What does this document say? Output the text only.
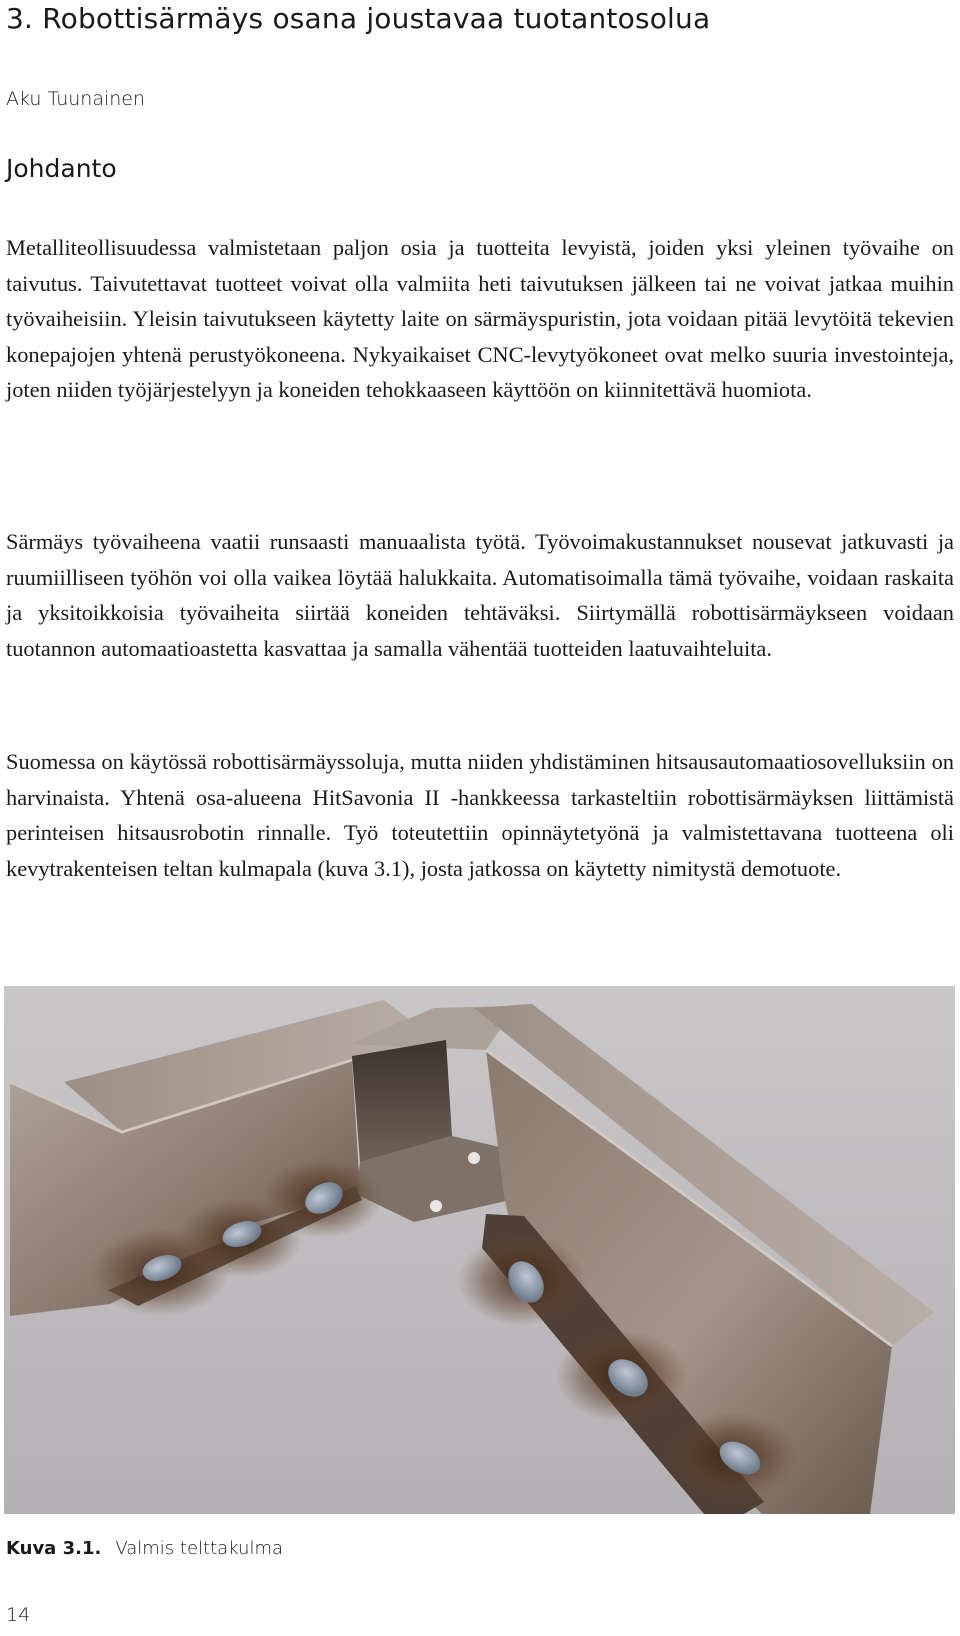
3. Robottisärmäys osana joustavaa tuotantosolua

Aku Tuunainen

Johdanto

Metalliteollisuudessa valmistetaan paljon osia ja tuotteita levyistä, joiden yksi yleinen työvaihe on taivutus. Taivutettavat tuotteet voivat olla valmiita heti taivutuksen jälkeen tai ne voivat jatkaa muihin työvaiheisiin. Yleisin taivutukseen käytetty laite on särmäyspuristin, jota voidaan pitää levytöitä tekevien konepajojen yhtenä perustyökoneena. Nykyaikaiset CNC-levytyökoneet ovat melko suuria investointeja, joten niiden työjärjestelyyn ja koneiden tehokkaaseen käyttöön on kiinnitettävä huomiota.

Särmäys työvaiheena vaatii runsaasti manuaalista työtä. Työvoimakustannukset nousevat jatkuvasti ja ruumiilliseen työhön voi olla vaikea löytää halukkaita. Automatisoimalla tämä työvaihe, voidaan raskaita ja yksitoikkoisia työvaiheita siirtää koneiden tehtäväksi. Siirtymällä robottisärmäykseen voidaan tuotannon automaatioastetta kasvattaa ja samalla vähentää tuotteiden laatuvaihteluita.

Suomessa on käytössä robottisärmäyssoluja, mutta niiden yhdistäminen hitsausautomaatiosovelluksiin on harvinaista. Yhtenä osa-alueena HitSavonia II -hankkeessa tarkasteltiin robottisärmäyksen liittämistä perinteisen hitsausrobotin rinnalle. Työ toteutettiin opinnäytetyönä ja valmistettavana tuotteena oli kevytrakenteisen teltan kulmapala (kuva 3.1), josta jatkossa on käytetty nimitystä demotuote.

Kuva 3.1. Valmis telttakulma

14
